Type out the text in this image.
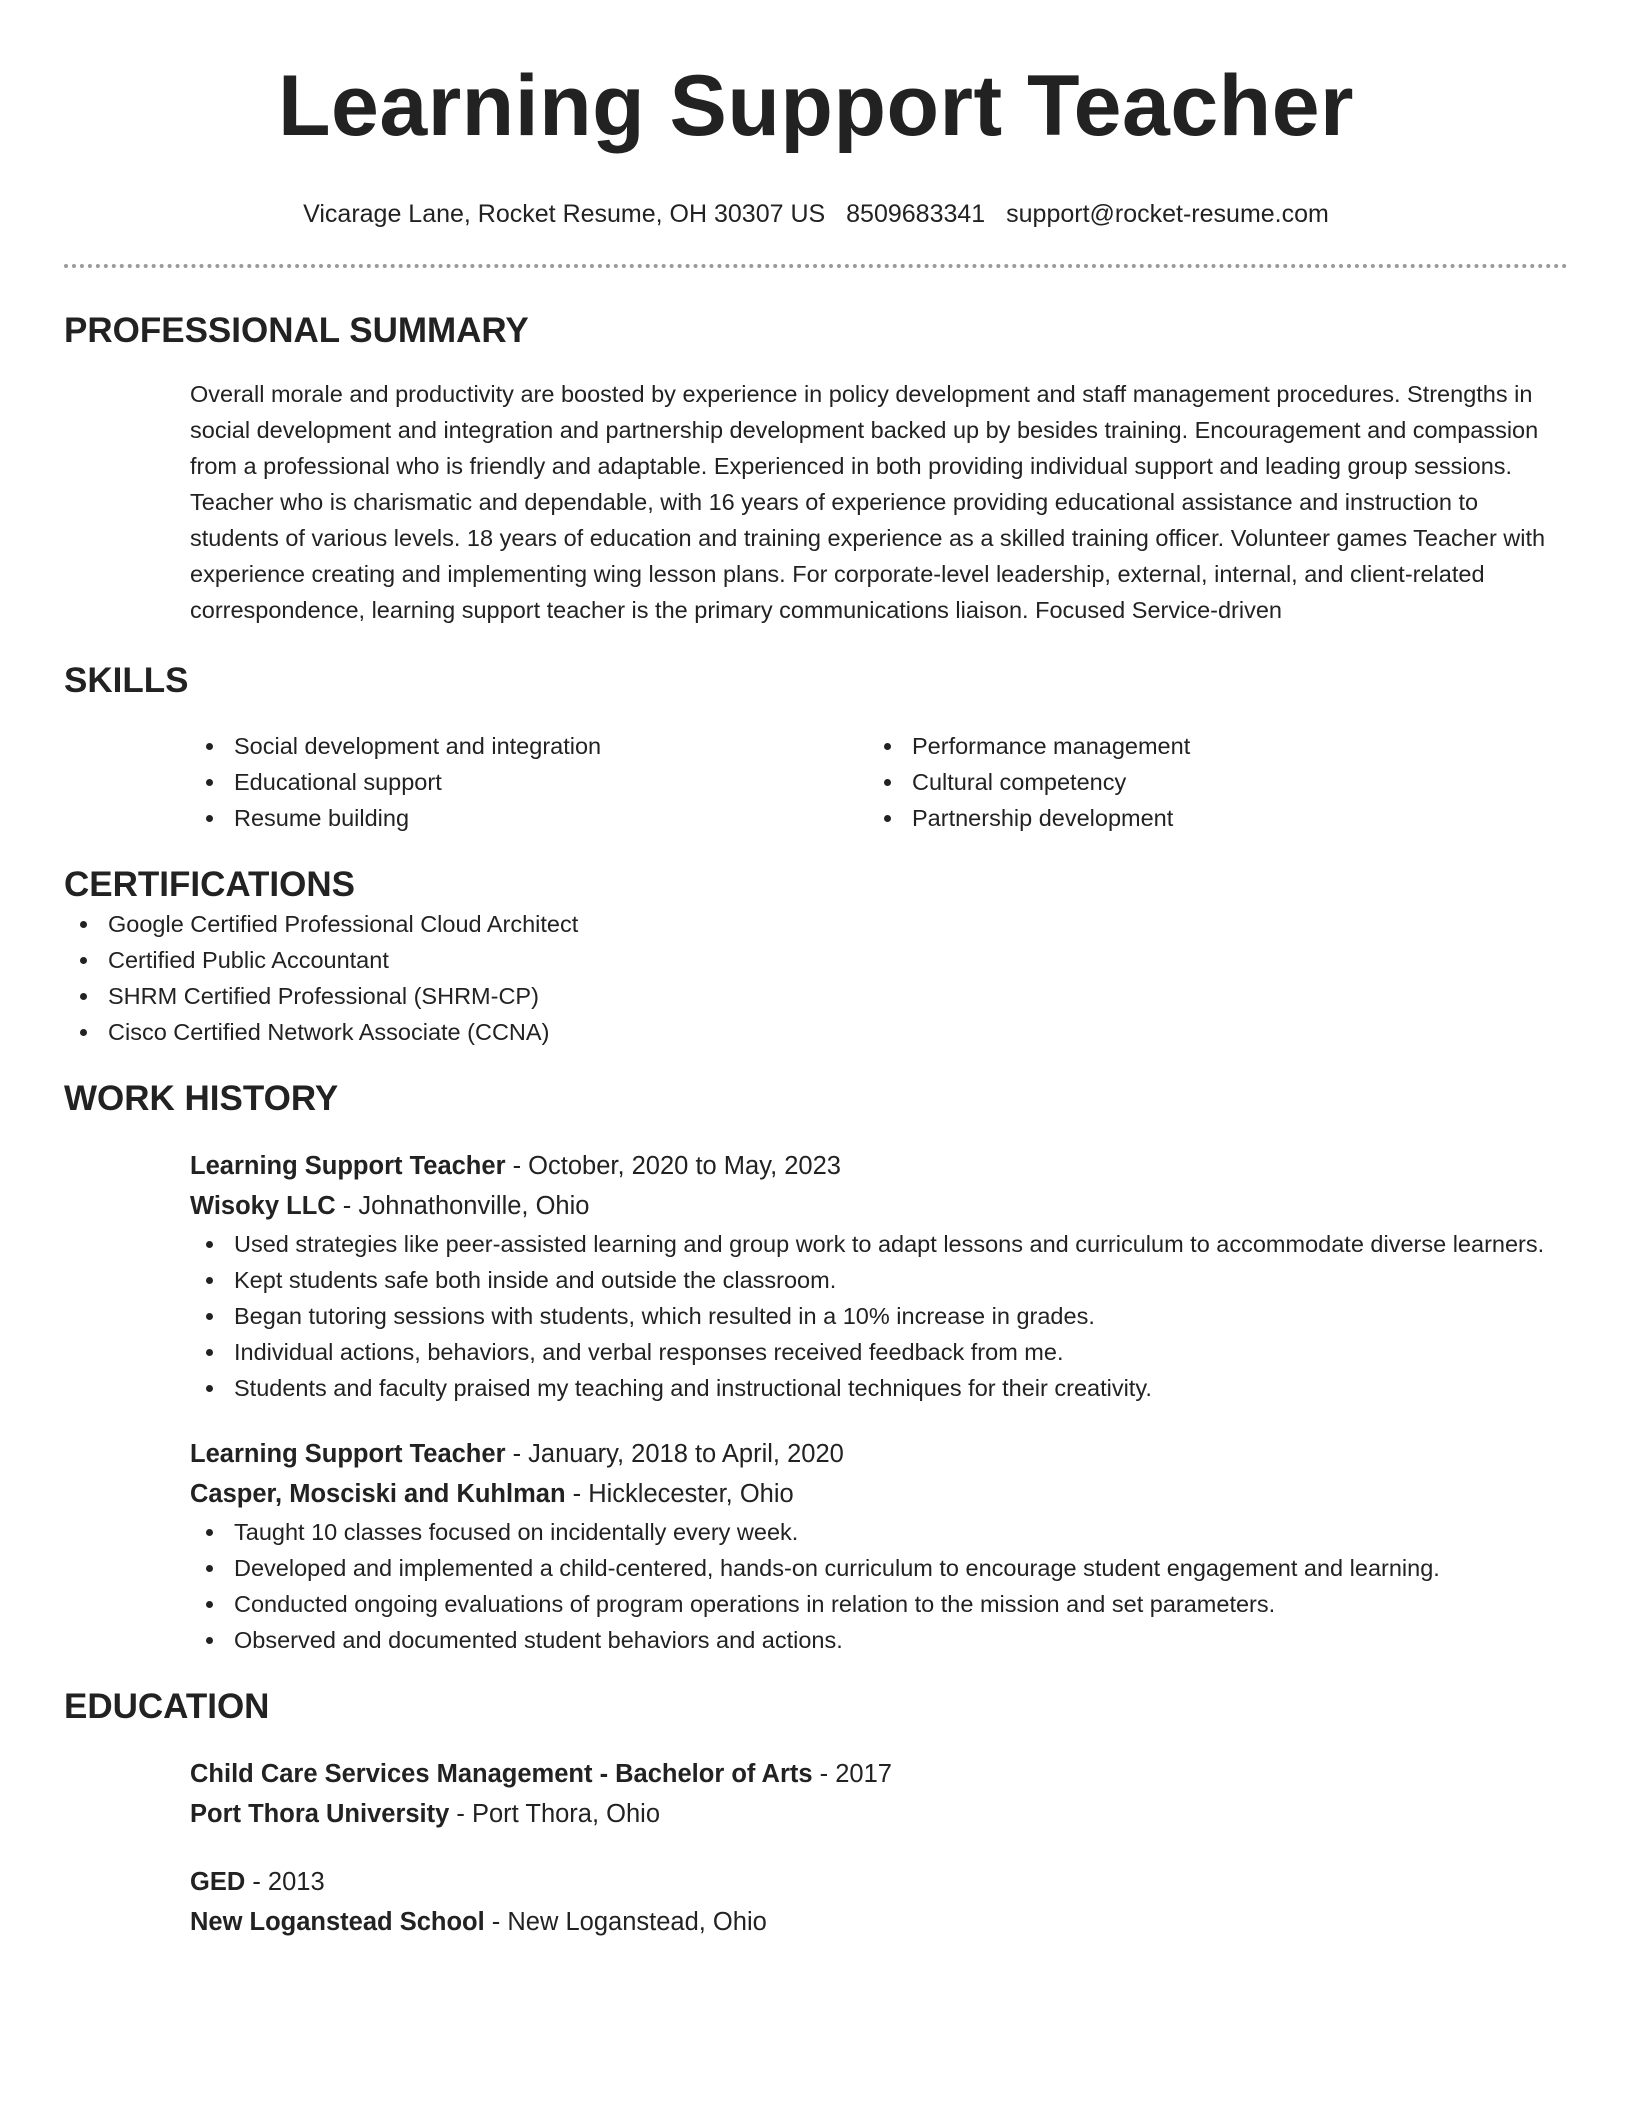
Learning Support Teacher
Vicarage Lane, Rocket Resume, OH 30307 US 8509683341 support@rocket-resume.com
PROFESSIONAL SUMMARY
Overall morale and productivity are boosted by experience in policy development and staff management procedures. Strengths in social development and integration and partnership development backed up by besides training. Encouragement and compassion from a professional who is friendly and adaptable. Experienced in both providing individual support and leading group sessions. Teacher who is charismatic and dependable, with 16 years of experience providing educational assistance and instruction to students of various levels. 18 years of education and training experience as a skilled training officer. Volunteer games Teacher with experience creating and implementing wing lesson plans. For corporate-level leadership, external, internal, and client-related correspondence, learning support teacher is the primary communications liaison. Focused Service-driven
SKILLS
Social development and integration
Educational support
Resume building
Performance management
Cultural competency
Partnership development
CERTIFICATIONS
Google Certified Professional Cloud Architect
Certified Public Accountant
SHRM Certified Professional (SHRM-CP)
Cisco Certified Network Associate (CCNA)
WORK HISTORY
Learning Support Teacher - October, 2020 to May, 2023
Wisoky LLC - Johnathonville, Ohio
Used strategies like peer-assisted learning and group work to adapt lessons and curriculum to accommodate diverse learners.
Kept students safe both inside and outside the classroom.
Began tutoring sessions with students, which resulted in a 10% increase in grades.
Individual actions, behaviors, and verbal responses received feedback from me.
Students and faculty praised my teaching and instructional techniques for their creativity.
Learning Support Teacher - January, 2018 to April, 2020
Casper, Mosciski and Kuhlman - Hicklecester, Ohio
Taught 10 classes focused on incidentally every week.
Developed and implemented a child-centered, hands-on curriculum to encourage student engagement and learning.
Conducted ongoing evaluations of program operations in relation to the mission and set parameters.
Observed and documented student behaviors and actions.
EDUCATION
Child Care Services Management - Bachelor of Arts - 2017
Port Thora University - Port Thora, Ohio
GED - 2013
New Loganstead School - New Loganstead, Ohio
